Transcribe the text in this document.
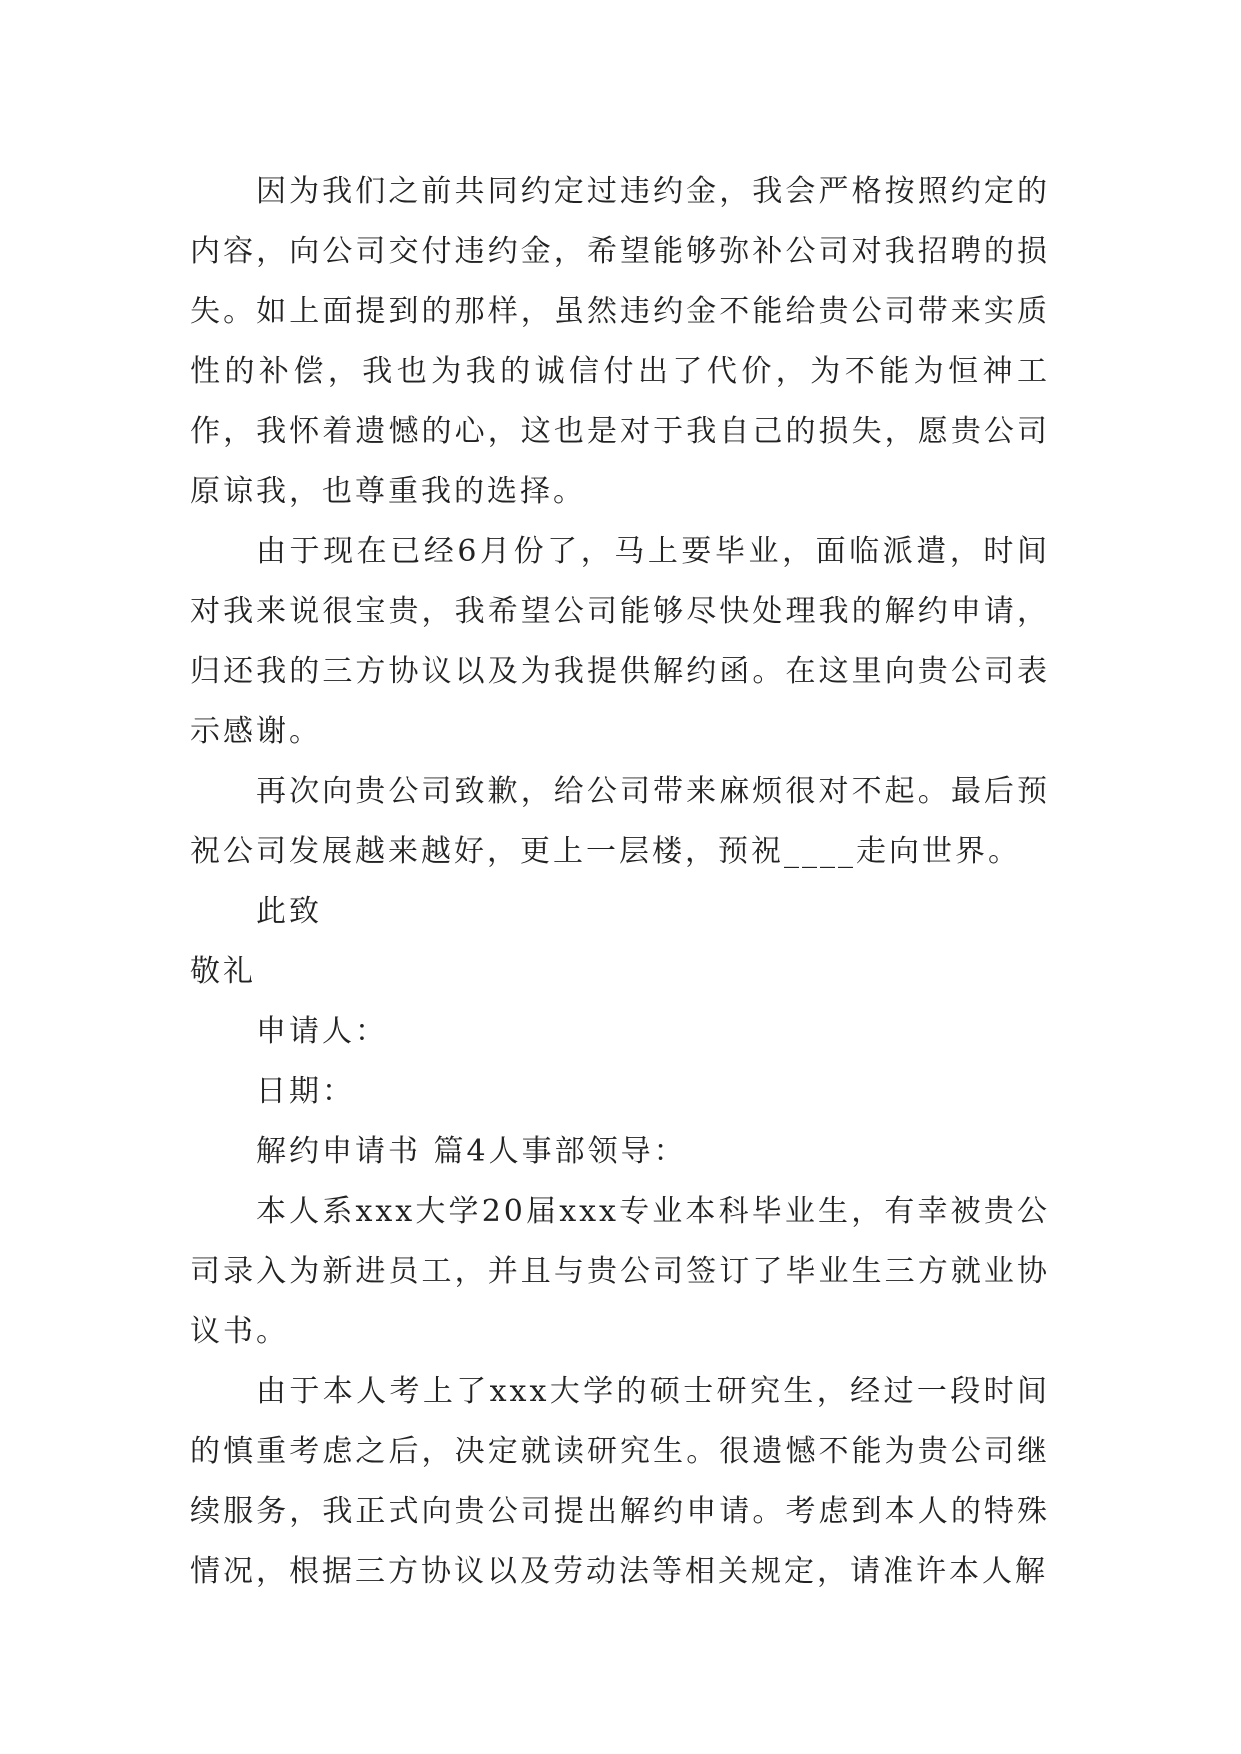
因为我们之前共同约定过违约金，我会严格按照约定的内容，向公司交付违约金，希望能够弥补公司对我招聘的损失。如上面提到的那样，虽然违约金不能给贵公司带来实质性的补偿，我也为我的诚信付出了代价，为不能为恒神工作，我怀着遗憾的心，这也是对于我自己的损失，愿贵公司原谅我，也尊重我的选择。

由于现在已经6月份了，马上要毕业，面临派遣，时间对我来说很宝贵，我希望公司能够尽快处理我的解约申请，归还我的三方协议以及为我提供解约函。在这里向贵公司表示感谢。

再次向贵公司致歉，给公司带来麻烦很对不起。最后预祝公司发展越来越好，更上一层楼，预祝____走向世界。

此致
敬礼
申请人：
日期：
解约申请书 篇4人事部领导：

本人系xxx大学20届xxx专业本科毕业生，有幸被贵公司录入为新进员工，并且与贵公司签订了毕业生三方就业协议书。

由于本人考上了xxx大学的硕士研究生，经过一段时间的慎重考虑之后，决定就读研究生。很遗憾不能为贵公司继续服务，我正式向贵公司提出解约申请。考虑到本人的特殊情况，根据三方协议以及劳动法等相关规定，请准许本人解
